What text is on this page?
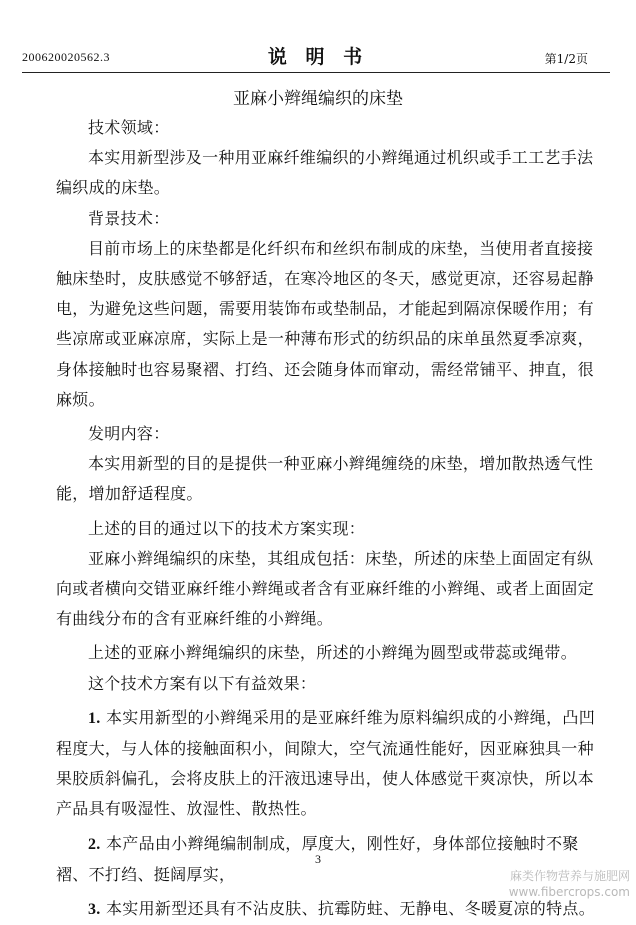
200620020562.3	说 明 书	第1/2页
亚麻小辫绳编织的床垫

技术领域：

本实用新型涉及一种用亚麻纤维编织的小辫绳通过机织或手工工艺手法编织成的床垫。

背景技术：

目前市场上的床垫都是化纤织布和丝织布制成的床垫，当使用者直接接触床垫时，皮肤感觉不够舒适，在寒冷地区的冬天，感觉更凉，还容易起静电，为避免这些问题，需要用装饰布或垫制品，才能起到隔凉保暖作用；有些凉席或亚麻凉席，实际上是一种薄布形式的纺织品的床单虽然夏季凉爽，身体接触时也容易聚褶、打绉、还会随身体而窜动，需经常铺平、抻直，很麻烦。

发明内容：

本实用新型的目的是提供一种亚麻小辫绳缠绕的床垫，增加散热透气性能，增加舒适程度。

上述的目的通过以下的技术方案实现：

亚麻小辫绳编织的床垫，其组成包括：床垫，所述的床垫上面固定有纵向或者横向交错亚麻纤维小辫绳或者含有亚麻纤维的小辫绳、或者上面固定有曲线分布的含有亚麻纤维的小辫绳。

上述的亚麻小辫绳编织的床垫，所述的小辫绳为圆型或带蕊或绳带。

这个技术方案有以下有益效果：

1. 本实用新型的小辫绳采用的是亚麻纤维为原料编织成的小辫绳，凸凹程度大，与人体的接触面积小，间隙大，空气流通性能好，因亚麻独具一种果胶质斜偏孔，会将皮肤上的汗液迅速导出，使人体感觉干爽凉快，所以本产品具有吸湿性、放湿性、散热性。

2. 本产品由小辫绳编制制成，厚度大，刚性好，身体部位接触时不聚褶、不打绉、挺阔厚实，

3. 本实用新型还具有不沾皮肤、抗霉防蛀、无静电、冬暖夏凉的特点。

3
麻类作物营养与施肥网
www.fibercrops.com
